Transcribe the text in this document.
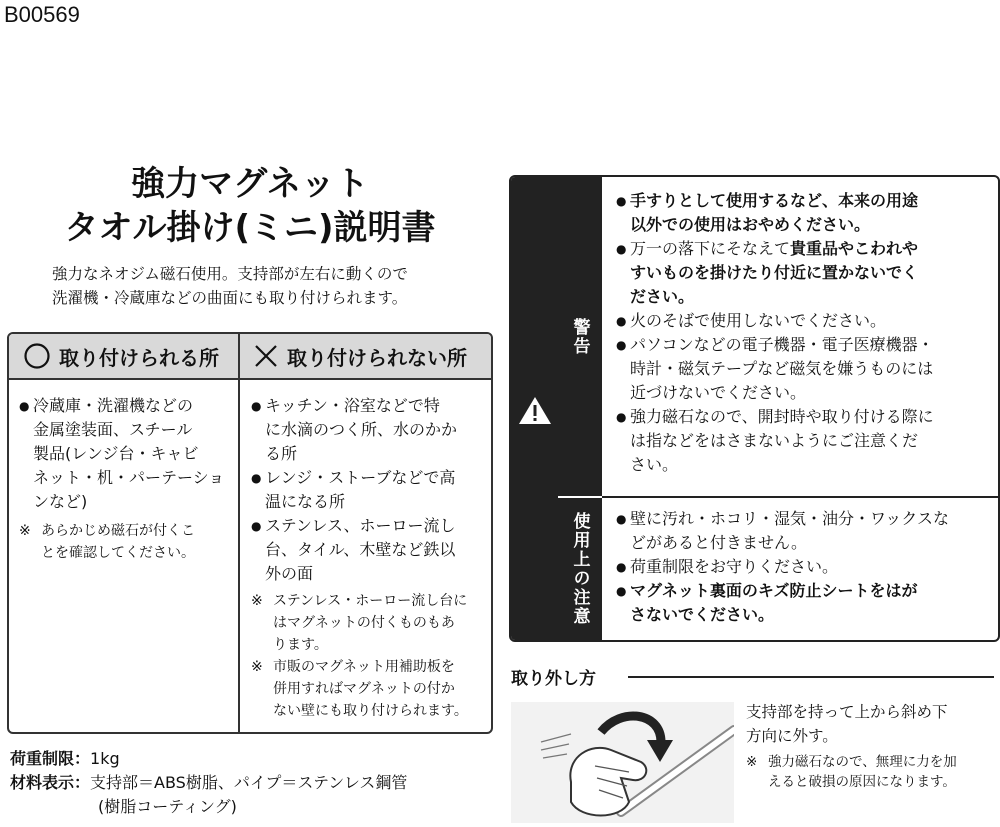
B00569
強力マグネット
タオル掛け(ミニ)説明書
強力なネオジム磁石使用。支持部が左右に動くので
洗濯機・冷蔵庫などの曲面にも取り付けられます。
取り付けられる所	取り付けられない所

● 冷蔵庫・洗濯機などの

金属塗装面、スチール

製品(レンジ台・キャビ

ネット・机・パーテーショ

ンなど)

※ あらかじめ磁石が付くこ

とを確認してください。

● キッチン・浴室などで特

に水滴のつく所、水のかか

る所

● レンジ・ストーブなどで高

温になる所

● ステンレス、ホーロー流し

台、タイル、木壁など鉄以

外の面

※ ステンレス・ホーロー流し台に

はマグネットの付くものもあ

ります。

※ 市販のマグネット用補助板を

併用すればマグネットの付か

ない壁にも取り付けられます。

荷重制限：1kg
材料表示：支持部＝ABS樹脂、パイプ＝ステンレス鋼管
(樹脂コーティング)
警告
使用上の注意

● 手すりとして使用するなど、本来の用途

以外での使用はおやめください。

● 万一の落下にそなえて貴重品やこわれや

すいものを掛けたり付近に置かないでく

ださい。

● 火のそばで使用しないでください。

● パソコンなどの電子機器・電子医療機器・

時計・磁気テープなど磁気を嫌うものには

近づけないでください。

● 強力磁石なので、開封時や取り付ける際に

は指などをはさまないようにご注意くだ

さい。

● 壁に汚れ・ホコリ・湿気・油分・ワックスな

どがあると付きません。

● 荷重制限をお守りください。

● マグネット裏面のキズ防止シートをはが

さないでください。

取り外し方
支持部を持って上から斜め下
方向に外す。
※ 強力磁石なので、無理に力を加
えると破損の原因になります。
